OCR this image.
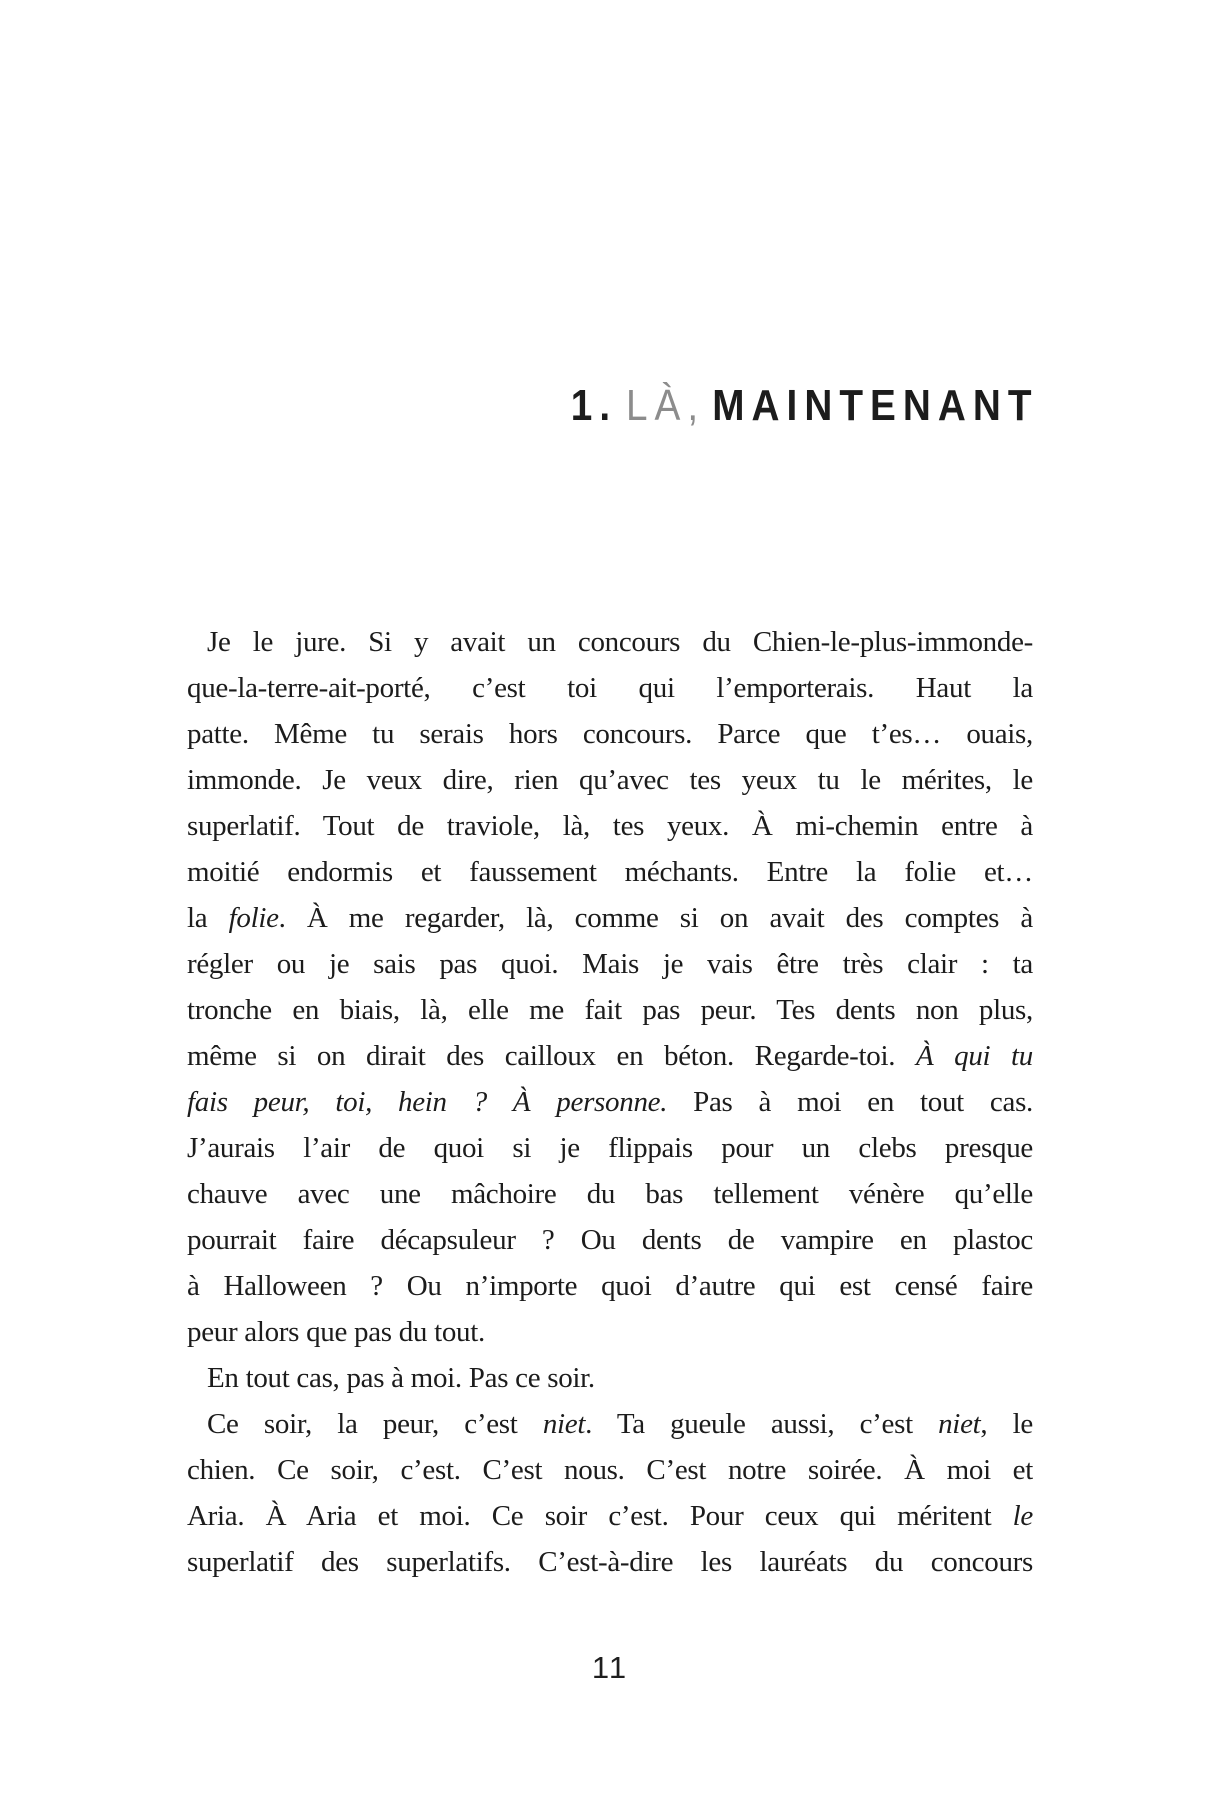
1. LÀ, MAINTENANT
Je le jure. Si y avait un concours du Chien-le-plus-immonde-
que-la-terre-ait-porté, c’est toi qui l’emporterais. Haut la
patte. Même tu serais hors concours. Parce que t’es… ouais,
immonde. Je veux dire, rien qu’avec tes yeux tu le mérites, le
superlatif. Tout de traviole, là, tes yeux. À mi-chemin entre à
moitié endormis et faussement méchants. Entre la folie et…
la folie. À me regarder, là, comme si on avait des comptes à
régler ou je sais pas quoi. Mais je vais être très clair : ta
tronche en biais, là, elle me fait pas peur. Tes dents non plus,
même si on dirait des cailloux en béton. Regarde-toi. À qui tu
fais peur, toi, hein ? À personne. Pas à moi en tout cas.
J’aurais l’air de quoi si je flippais pour un clebs presque
chauve avec une mâchoire du bas tellement vénère qu’elle
pourrait faire décapsuleur ? Ou dents de vampire en plastoc
à Halloween ? Ou n’importe quoi d’autre qui est censé faire
peur alors que pas du tout.
En tout cas, pas à moi. Pas ce soir.
Ce soir, la peur, c’est niet. Ta gueule aussi, c’est niet, le
chien. Ce soir, c’est. C’est nous. C’est notre soirée. À moi et
Aria. À Aria et moi. Ce soir c’est. Pour ceux qui méritent le
superlatif des superlatifs. C’est-à-dire les lauréats du concours
11
